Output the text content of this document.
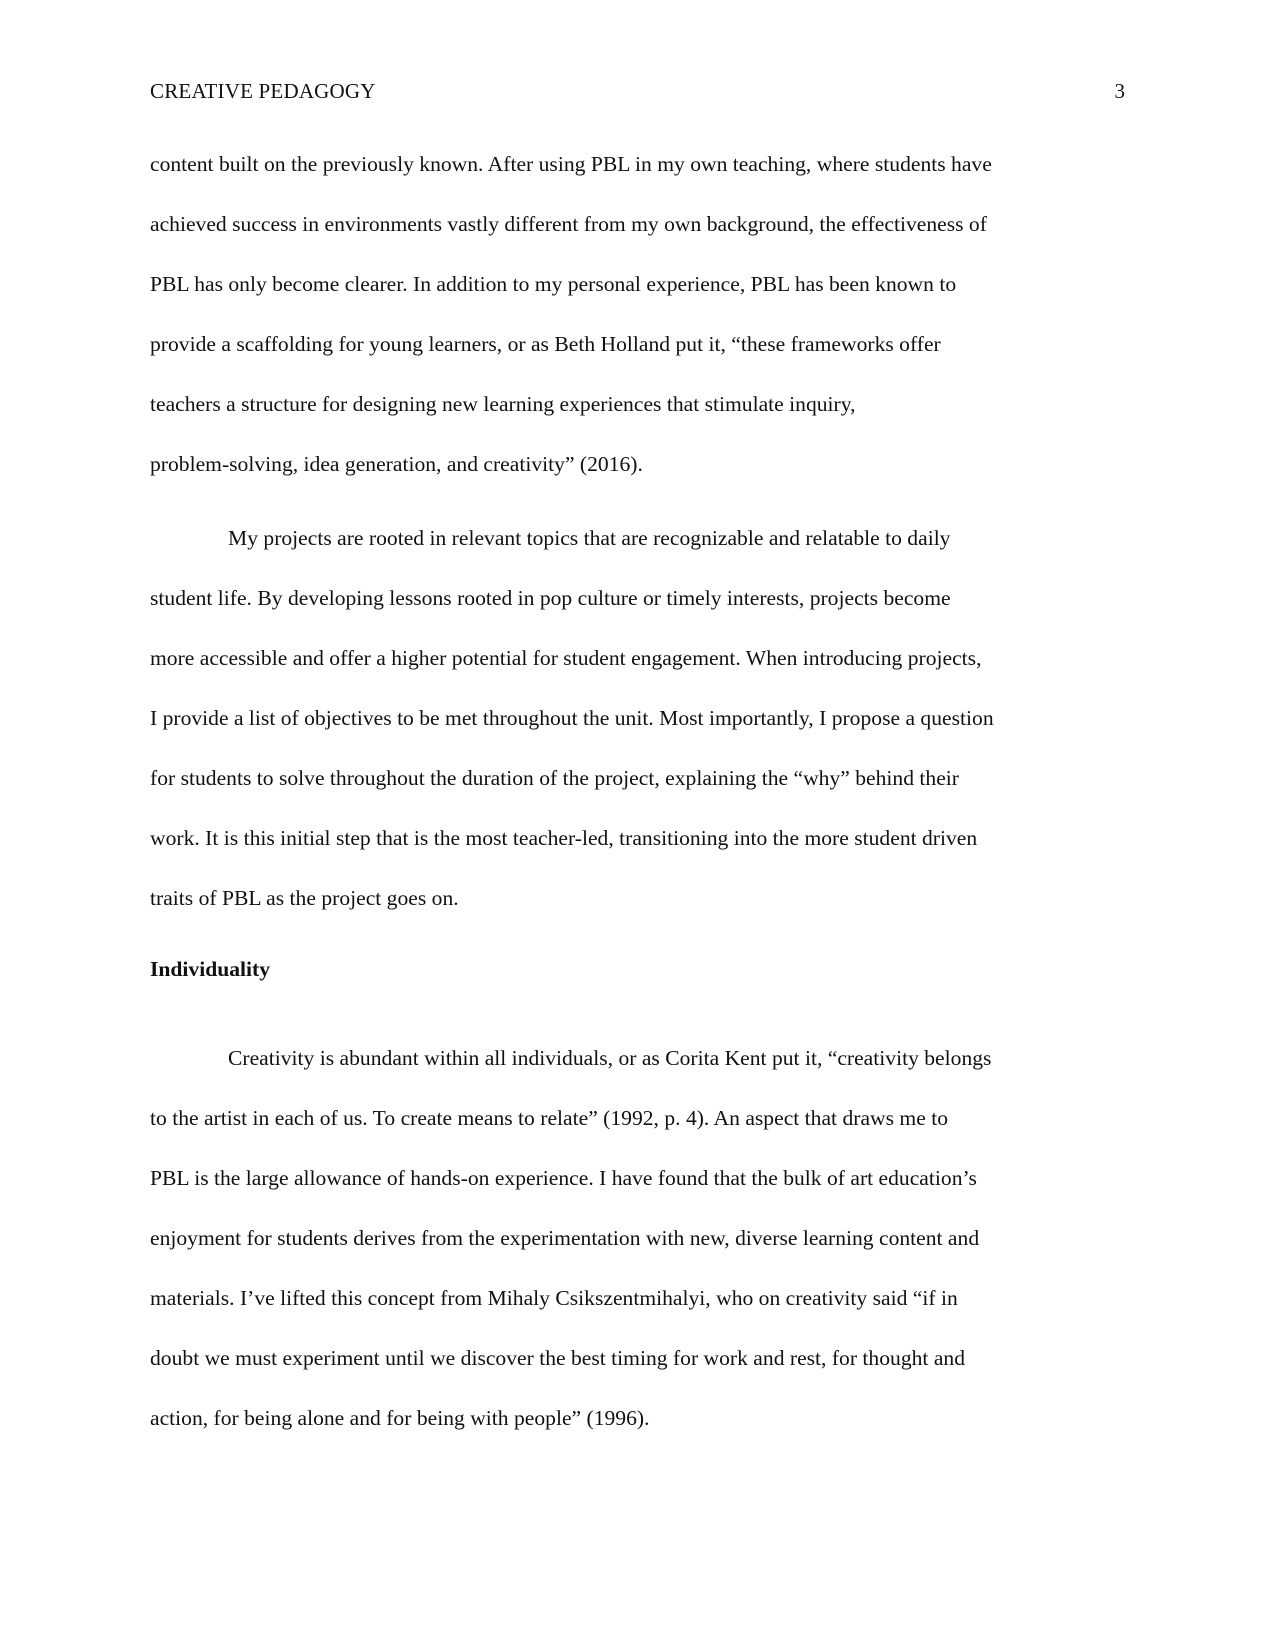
CREATIVE PEDAGOGY	3
content built on the previously known. After using PBL in my own teaching, where students have
achieved success in environments vastly different from my own background, the effectiveness of
PBL has only become clearer. In addition to my personal experience, PBL has been known to
provide a scaffolding for young learners, or as Beth Holland put it, “these frameworks offer
teachers a structure for designing new learning experiences that stimulate inquiry,
problem-solving, idea generation, and creativity” (2016).
My projects are rooted in relevant topics that are recognizable and relatable to daily
student life. By developing lessons rooted in pop culture or timely interests, projects become
more accessible and offer a higher potential for student engagement. When introducing projects,
I provide a list of objectives to be met throughout the unit. Most importantly, I propose a question
for students to solve throughout the duration of the project, explaining the “why” behind their
work. It is this initial step that is the most teacher-led, transitioning into the more student driven
traits of PBL as the project goes on.
Individuality
Creativity is abundant within all individuals, or as Corita Kent put it, “creativity belongs
to the artist in each of us. To create means to relate” (1992, p. 4). An aspect that draws me to
PBL is the large allowance of hands-on experience. I have found that the bulk of art education’s
enjoyment for students derives from the experimentation with new, diverse learning content and
materials. I’ve lifted this concept from Mihaly Csikszentmihalyi, who on creativity said “if in
doubt we must experiment until we discover the best timing for work and rest, for thought and
action, for being alone and for being with people” (1996).
